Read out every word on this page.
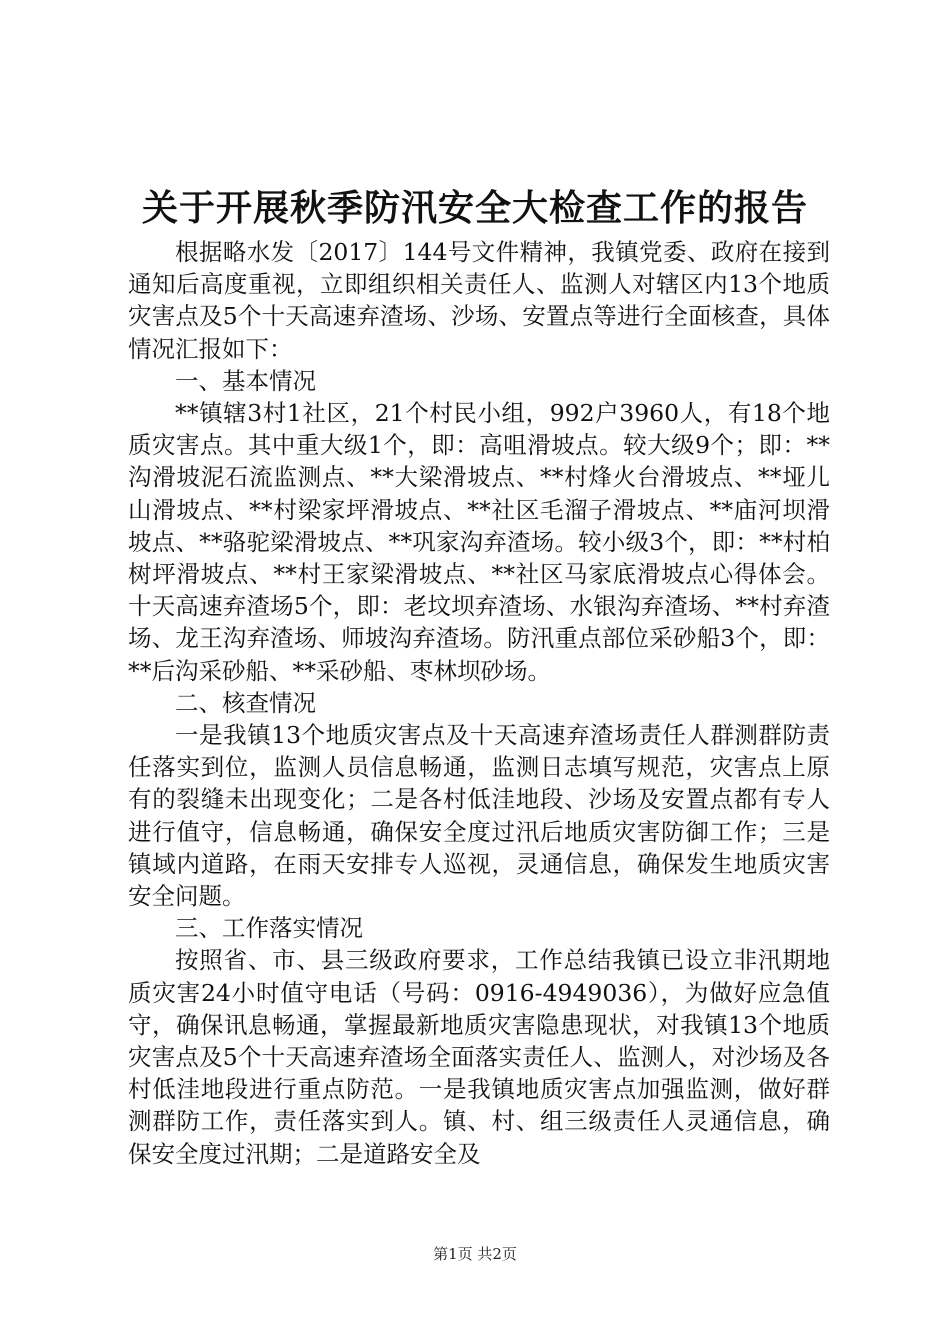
关于开展秋季防汛安全大检查工作的报告

根据略水发〔2017〕144号文件精神，我镇党委、政府在接到通知后高度重视，立即组织相关责任人、监测人对辖区内13个地质灾害点及5个十天高速弃渣场、沙场、安置点等进行全面核查，具体情况汇报如下：

一、基本情况

**镇辖3村1社区，21个村民小组，992户3960人，有18个地质灾害点。其中重大级1个，即：高咀滑坡点。较大级9个；即：**沟滑坡泥石流监测点、**大梁滑坡点、**村烽火台滑坡点、**垭儿山滑坡点、**村梁家坪滑坡点、**社区毛溜子滑坡点、**庙河坝滑坡点、**骆驼梁滑坡点、**巩家沟弃渣场。较小级3个，即：**村柏树坪滑坡点、**村王家梁滑坡点、**社区马家底滑坡点心得体会。十天高速弃渣场5个，即：老坟坝弃渣场、水银沟弃渣场、**村弃渣场、龙王沟弃渣场、师坡沟弃渣场。防汛重点部位采砂船3个，即：**后沟采砂船、**采砂船、枣林坝砂场。

二、核查情况

一是我镇13个地质灾害点及十天高速弃渣场责任人群测群防责任落实到位，监测人员信息畅通，监测日志填写规范，灾害点上原有的裂缝未出现变化；二是各村低洼地段、沙场及安置点都有专人进行值守，信息畅通，确保安全度过汛后地质灾害防御工作；三是镇域内道路，在雨天安排专人巡视，灵通信息，确保发生地质灾害安全问题。

三、工作落实情况

按照省、市、县三级政府要求，工作总结我镇已设立非汛期地质灾害24小时值守电话（号码：0916-4949036），为做好应急值守，确保讯息畅通，掌握最新地质灾害隐患现状，对我镇13个地质灾害点及5个十天高速弃渣场全面落实责任人、监测人，对沙场及各村低洼地段进行重点防范。一是我镇地质灾害点加强监测，做好群测群防工作，责任落实到人。镇、村、组三级责任人灵通信息，确保安全度过汛期；二是道路安全及

第1页 共2页
